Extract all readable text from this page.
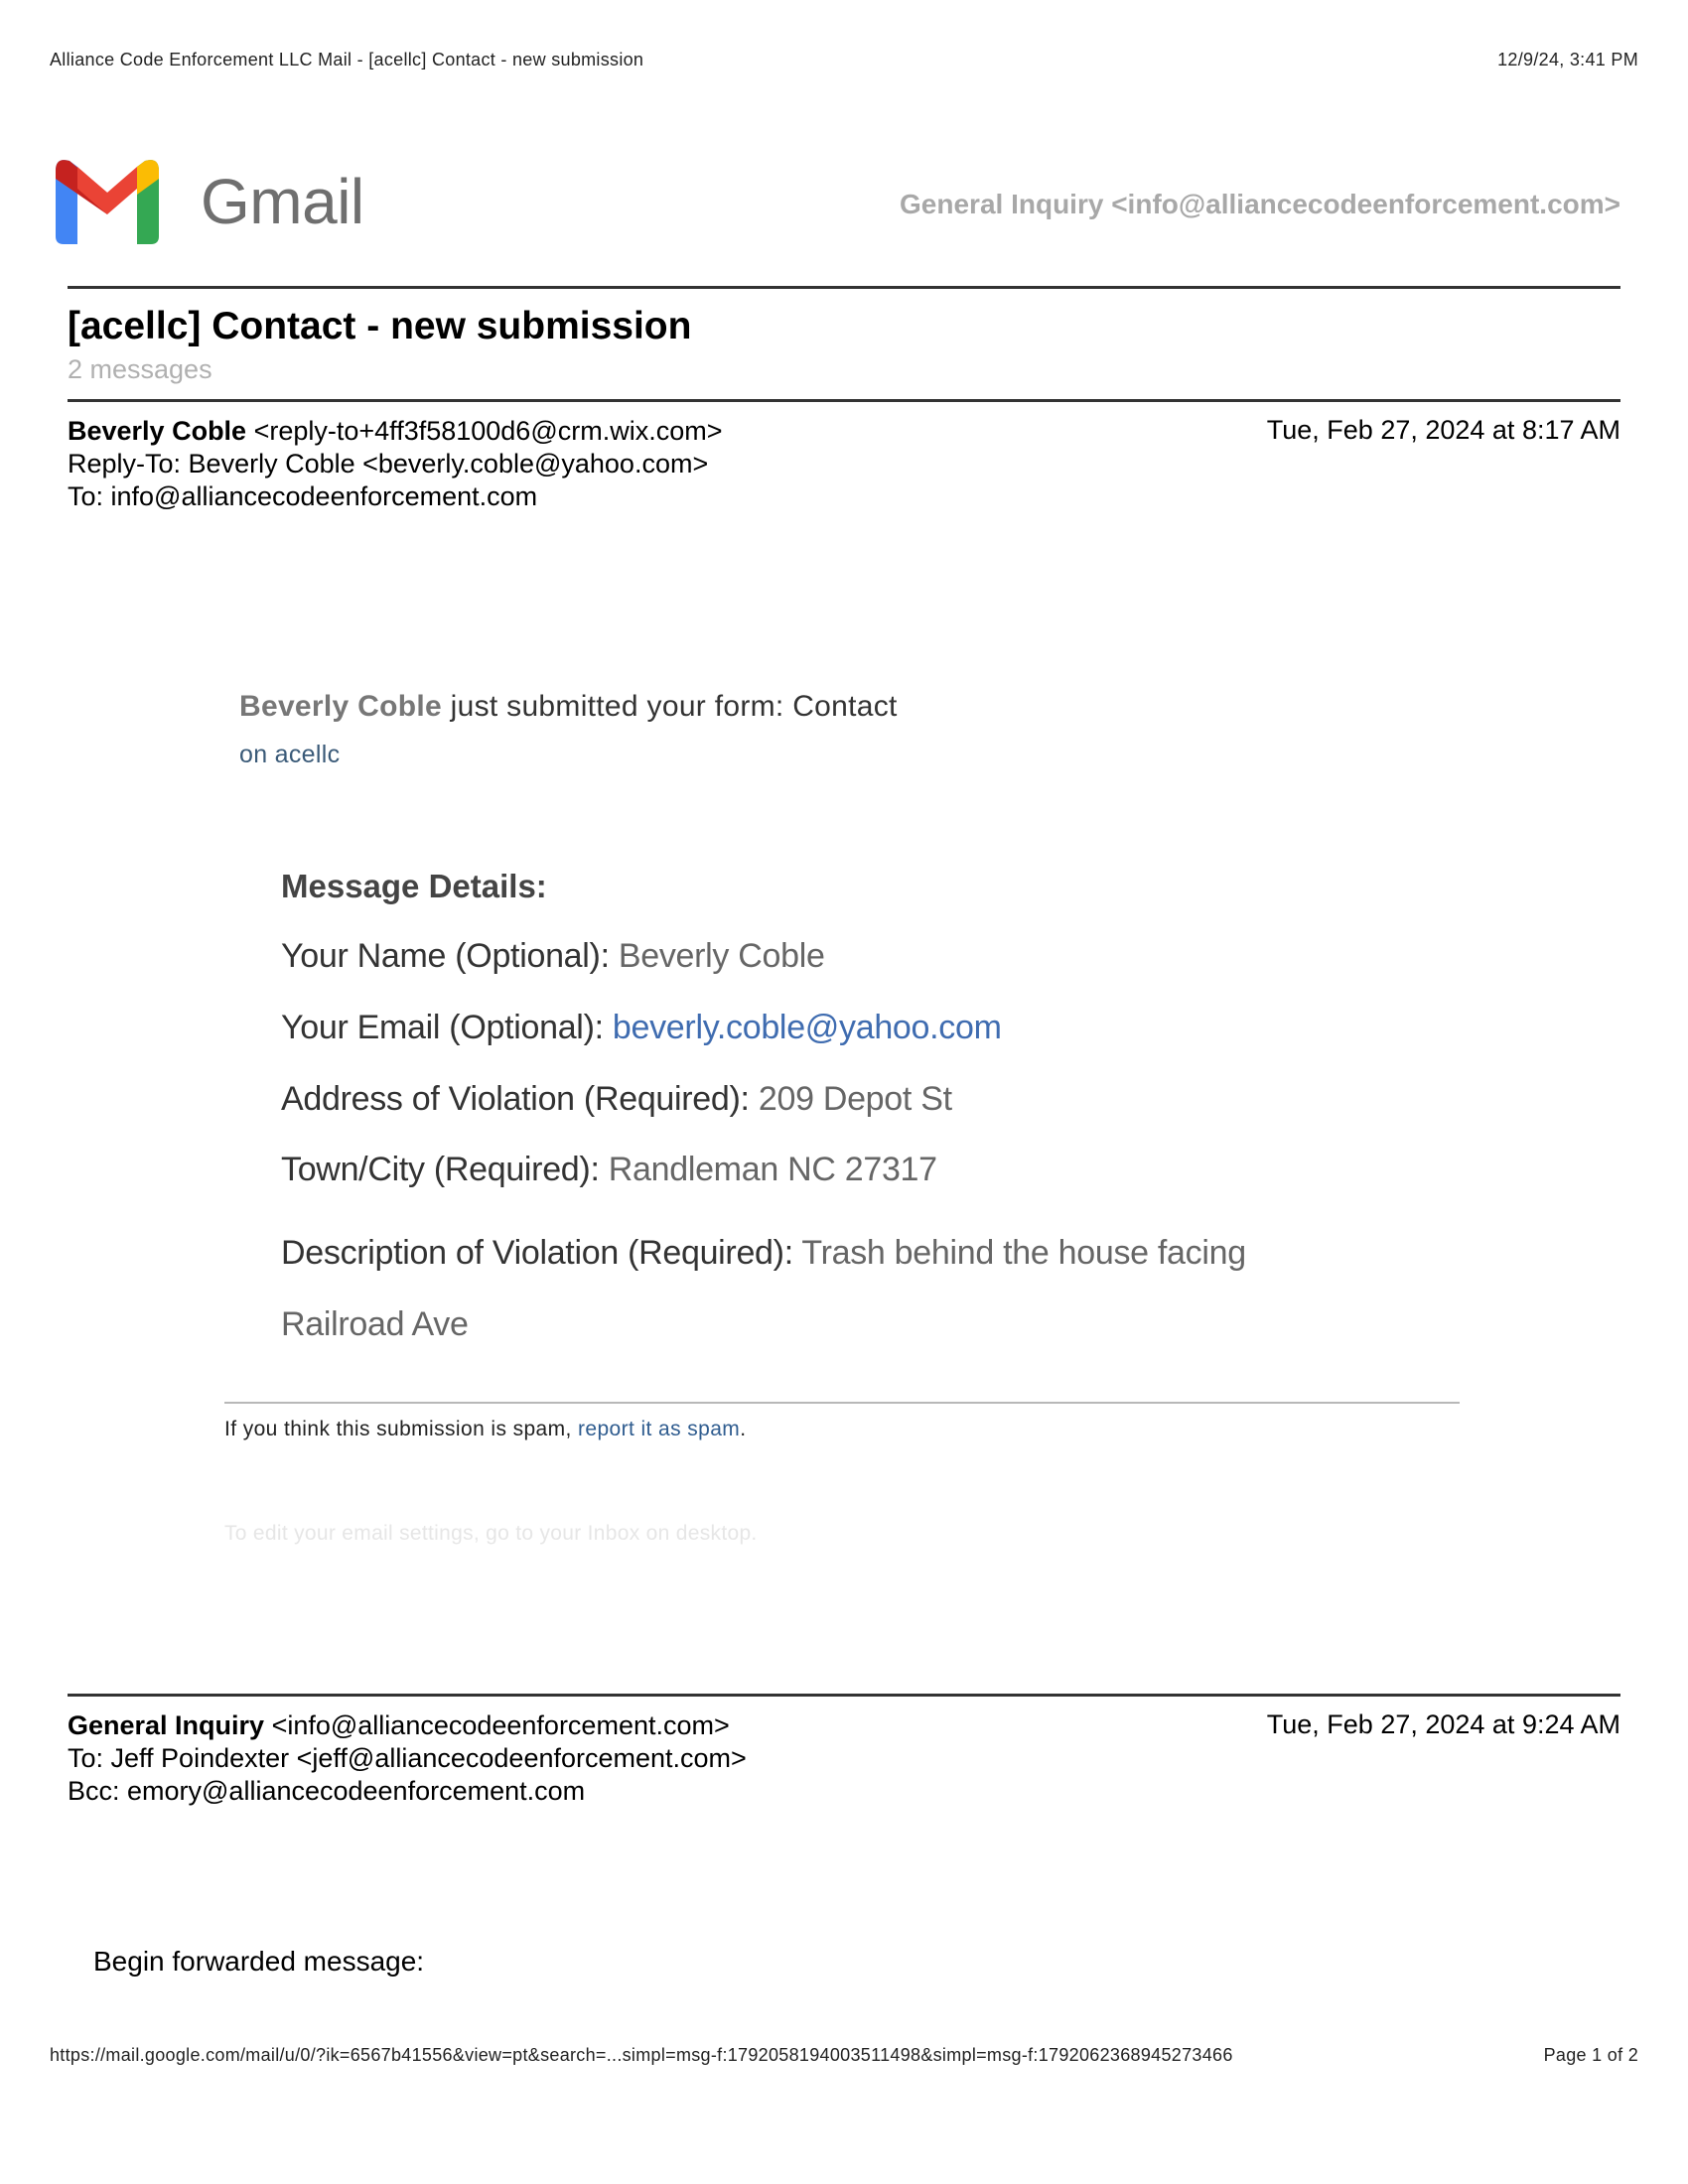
Alliance Code Enforcement LLC Mail - [acellc] Contact - new submission	12/9/24, 3:41 PM
Gmail	General Inquiry <info@alliancecodeenforcement.com>
[acellc] Contact - new submission
2 messages
Beverly Coble <reply-to+4ff3f58100d6@crm.wix.com>
Reply-To: Beverly Coble <beverly.coble@yahoo.com>
To: info@alliancecodeenforcement.com
Tue, Feb 27, 2024 at 8:17 AM
Beverly Coble just submitted your form: Contact
on acellc
Message Details:
Your Name (Optional): Beverly Coble
Your Email (Optional): beverly.coble@yahoo.com
Address of Violation (Required): 209 Depot St
Town/City (Required): Randleman NC 27317
Description of Violation (Required): Trash behind the house facing Railroad Ave
If you think this submission is spam, report it as spam.
To edit your email settings, go to your Inbox on desktop.
General Inquiry <info@alliancecodeenforcement.com>
To: Jeff Poindexter <jeff@alliancecodeenforcement.com>
Bcc: emory@alliancecodeenforcement.com
Tue, Feb 27, 2024 at 9:24 AM
Begin forwarded message:
https://mail.google.com/mail/u/0/?ik=6567b41556&view=pt&search=...simpl=msg-f:1792058194003511498&simpl=msg-f:1792062368945273466	Page 1 of 2
